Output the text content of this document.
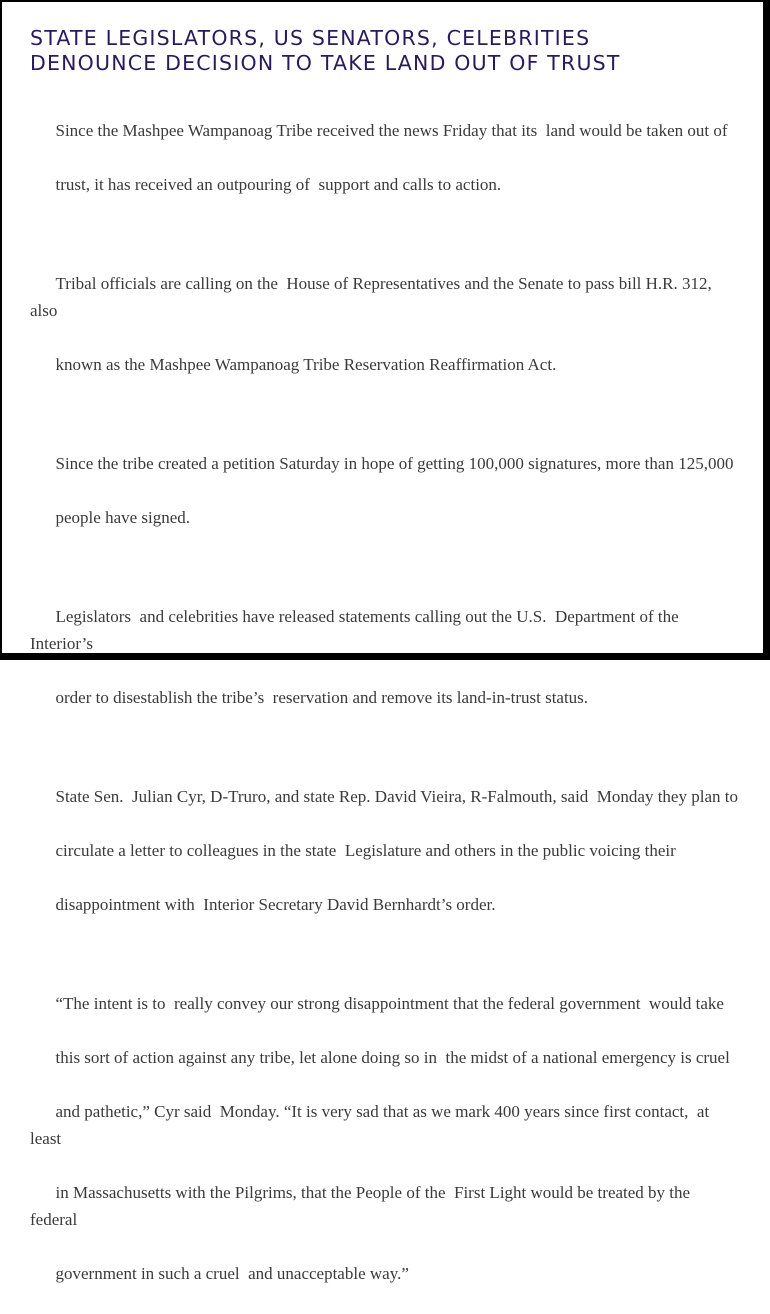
STATE LEGISLATORS, US SENATORS, CELEBRITIES
DENOUNCE DECISION TO TAKE LAND OUT OF TRUST

Since the Mashpee Wampanoag Tribe received the news Friday that its  land would be taken out of

trust, it has received an outpouring of  support and calls to action.

Tribal officials are calling on the  House of Representatives and the Senate to pass bill H.R. 312, also

known as the Mashpee Wampanoag Tribe Reservation Reaffirmation Act.

Since the tribe created a petition Saturday in hope of getting 100,000 signatures, more than 125,000

people have signed.

Legislators  and celebrities have released statements calling out the U.S.  Department of the Interior’s

order to disestablish the tribe’s  reservation and remove its land-in-trust status.

State Sen.  Julian Cyr, D-Truro, and state Rep. David Vieira, R-Falmouth, said  Monday they plan to

circulate a letter to colleagues in the state  Legislature and others in the public voicing their

disappointment with  Interior Secretary David Bernhardt’s order.

“The intent is to  really convey our strong disappointment that the federal government  would take

this sort of action against any tribe, let alone doing so in  the midst of a national emergency is cruel

and pathetic,” Cyr said  Monday. “It is very sad that as we mark 400 years since first contact,  at least

in Massachusetts with the Pilgrims, that the People of the  First Light would be treated by the federal

government in such a cruel  and unacceptable way.”
